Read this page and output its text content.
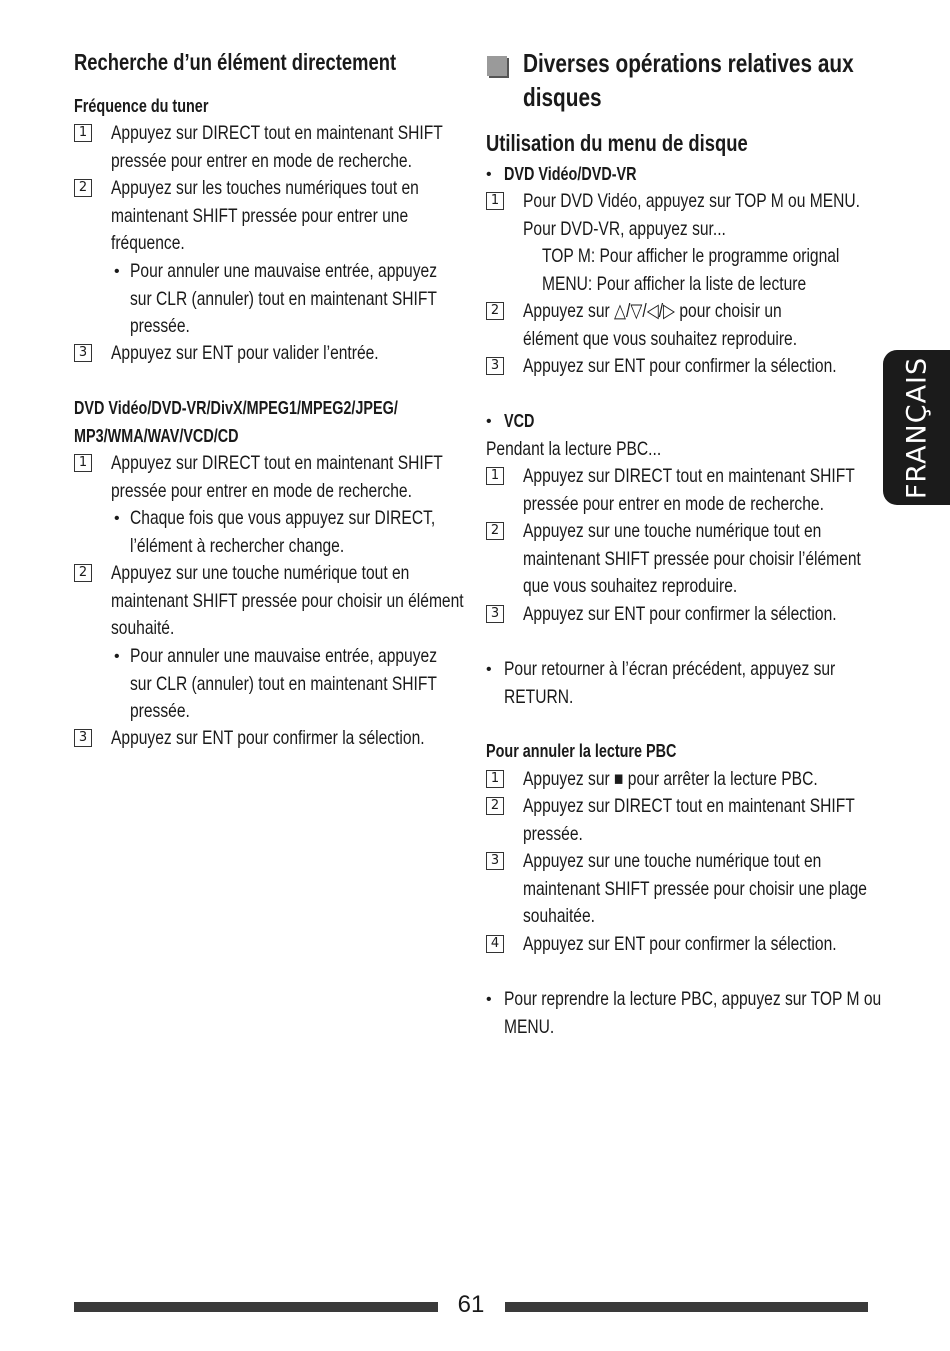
Recherche d’un élément directement
Fréquence du tuner
1 Appuyez sur DIRECT tout en maintenant SHIFT
pressée pour entrer en mode de recherche.
2 Appuyez sur les touches numériques tout en
maintenant SHIFT pressée pour entrer une
fréquence.
• Pour annuler une mauvaise entrée, appuyez
sur CLR (annuler) tout en maintenant SHIFT
pressée.
3 Appuyez sur ENT pour valider l’entrée.
DVD Vidéo/DVD-VR/DivX/MPEG1/MPEG2/JPEG/
MP3/WMA/WAV/VCD/CD
1 Appuyez sur DIRECT tout en maintenant SHIFT
pressée pour entrer en mode de recherche.
• Chaque fois que vous appuyez sur DIRECT,
l’élément à rechercher change.
2 Appuyez sur une touche numérique tout en
maintenant SHIFT pressée pour choisir un élément
souhaité.
• Pour annuler une mauvaise entrée, appuyez
sur CLR (annuler) tout en maintenant SHIFT
pressée.
3 Appuyez sur ENT pour confirmer la sélection.
Diverses opérations relatives aux
disques
Utilisation du menu de disque
• DVD Vidéo/DVD-VR
1 Pour DVD Vidéo, appuyez sur TOP M ou MENU.
Pour DVD-VR, appuyez sur...
TOP M: Pour afficher le programme orignal
MENU: Pour afficher la liste de lecture
2 Appuyez sur △/▽/◁/▷ pour choisir un
élément que vous souhaitez reproduire.
3 Appuyez sur ENT pour confirmer la sélection.
• VCD
Pendant la lecture PBC...
1 Appuyez sur DIRECT tout en maintenant SHIFT
pressée pour entrer en mode de recherche.
2 Appuyez sur une touche numérique tout en
maintenant SHIFT pressée pour choisir l’élément
que vous souhaitez reproduire.
3 Appuyez sur ENT pour confirmer la sélection.
• Pour retourner à l’écran précédent, appuyez sur
RETURN.
Pour annuler la lecture PBC
1 Appuyez sur ■ pour arrêter la lecture PBC.
2 Appuyez sur DIRECT tout en maintenant SHIFT
pressée.
3 Appuyez sur une touche numérique tout en
maintenant SHIFT pressée pour choisir une plage
souhaitée.
4 Appuyez sur ENT pour confirmer la sélection.
• Pour reprendre la lecture PBC, appuyez sur TOP M ou
MENU.
FRANÇAIS
61
